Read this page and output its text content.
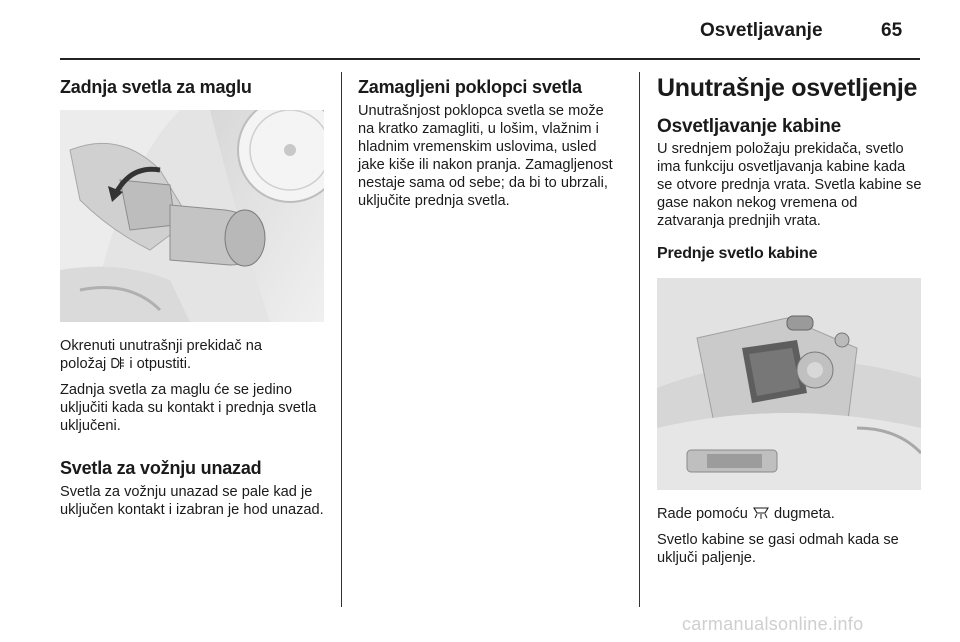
Osvetljavanje	65
Zadnja svetla za maglu

Okrenuti unutrašnji prekidač na
položaj i otpustiti.

Zadnja svetla za maglu će se jedino uključiti kada su kontakt i prednja svetla uključeni.

Svetla za vožnju unazad

Svetla za vožnju unazad se pale kad je uključen kontakt i izabran je hod unazad.

Zamagljeni poklopci svetla

Unutrašnjost poklopca svetla se može na kratko zamagliti, u lošim, vlažnim i hladnim vremenskim uslovima, usled jake kiše ili nakon pranja. Zamagljenost nestaje sama od sebe; da bi to ubrzali, uključite prednja svetla.

Unutrašnje osvetljenje
Osvetljavanje kabine

U srednjem položaju prekidača, svetlo ima funkciju osvetljavanja kabine kada se otvore prednja vrata. Svetla kabine se gase nakon nekog vremena od zatvaranja prednjih vrata.

Prednje svetlo kabine

Rade pomoću dugmeta.

Svetlo kabine se gasi odmah kada se uključi paljenje.

carmanualsonline.info
